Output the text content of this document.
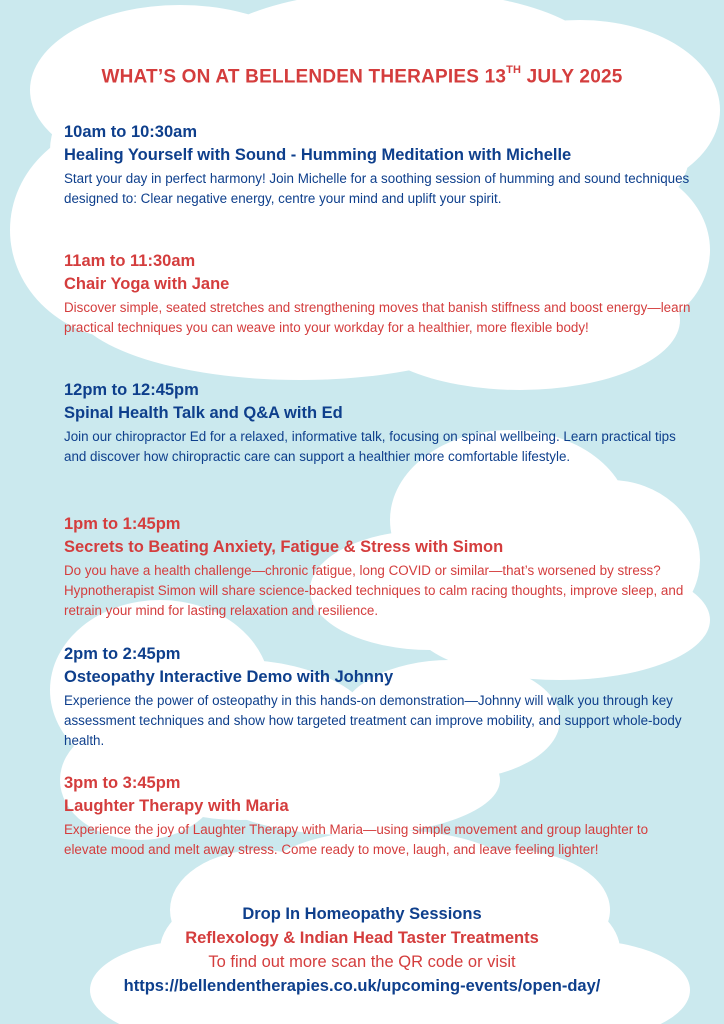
WHAT’S ON AT BELLENDEN THERAPIES 13TH JULY 2025

10am to 10:30am

Healing Yourself with Sound - Humming Meditation with Michelle

Start your day in perfect harmony! Join Michelle for a soothing session of humming and sound techniques designed to: Clear negative energy, centre your mind and uplift your spirit.

11am to 11:30am

Chair Yoga with Jane

Discover simple, seated stretches and strengthening moves that banish stiffness and boost energy—learn practical techniques you can weave into your workday for a healthier, more flexible body!

12pm to 12:45pm

Spinal Health Talk and Q&A with Ed

Join our chiropractor Ed for a relaxed, informative talk, focusing on spinal wellbeing. Learn practical tips and discover how chiropractic care can support a healthier more comfortable lifestyle.

1pm to 1:45pm

Secrets to Beating Anxiety, Fatigue & Stress with Simon

Do you have a health challenge—chronic fatigue, long COVID or similar—that’s worsened by stress? Hypnotherapist Simon will share science-backed techniques to calm racing thoughts, improve sleep, and retrain your mind for lasting relaxation and resilience.

2pm to 2:45pm

Osteopathy Interactive Demo with Johnny

Experience the power of osteopathy in this hands-on demonstration—Johnny will walk you through key assessment techniques and show how targeted treatment can improve mobility, and support whole-body health.

3pm to 3:45pm

Laughter Therapy with Maria

Experience the joy of Laughter Therapy with Maria—using simple movement and group laughter to elevate mood and melt away stress. Come ready to move, laugh, and leave feeling lighter!

Drop In Homeopathy Sessions
Reflexology & Indian Head Taster Treatments
To find out more scan the QR code or visit
https://bellendentherapies.co.uk/upcoming-events/open-day/
